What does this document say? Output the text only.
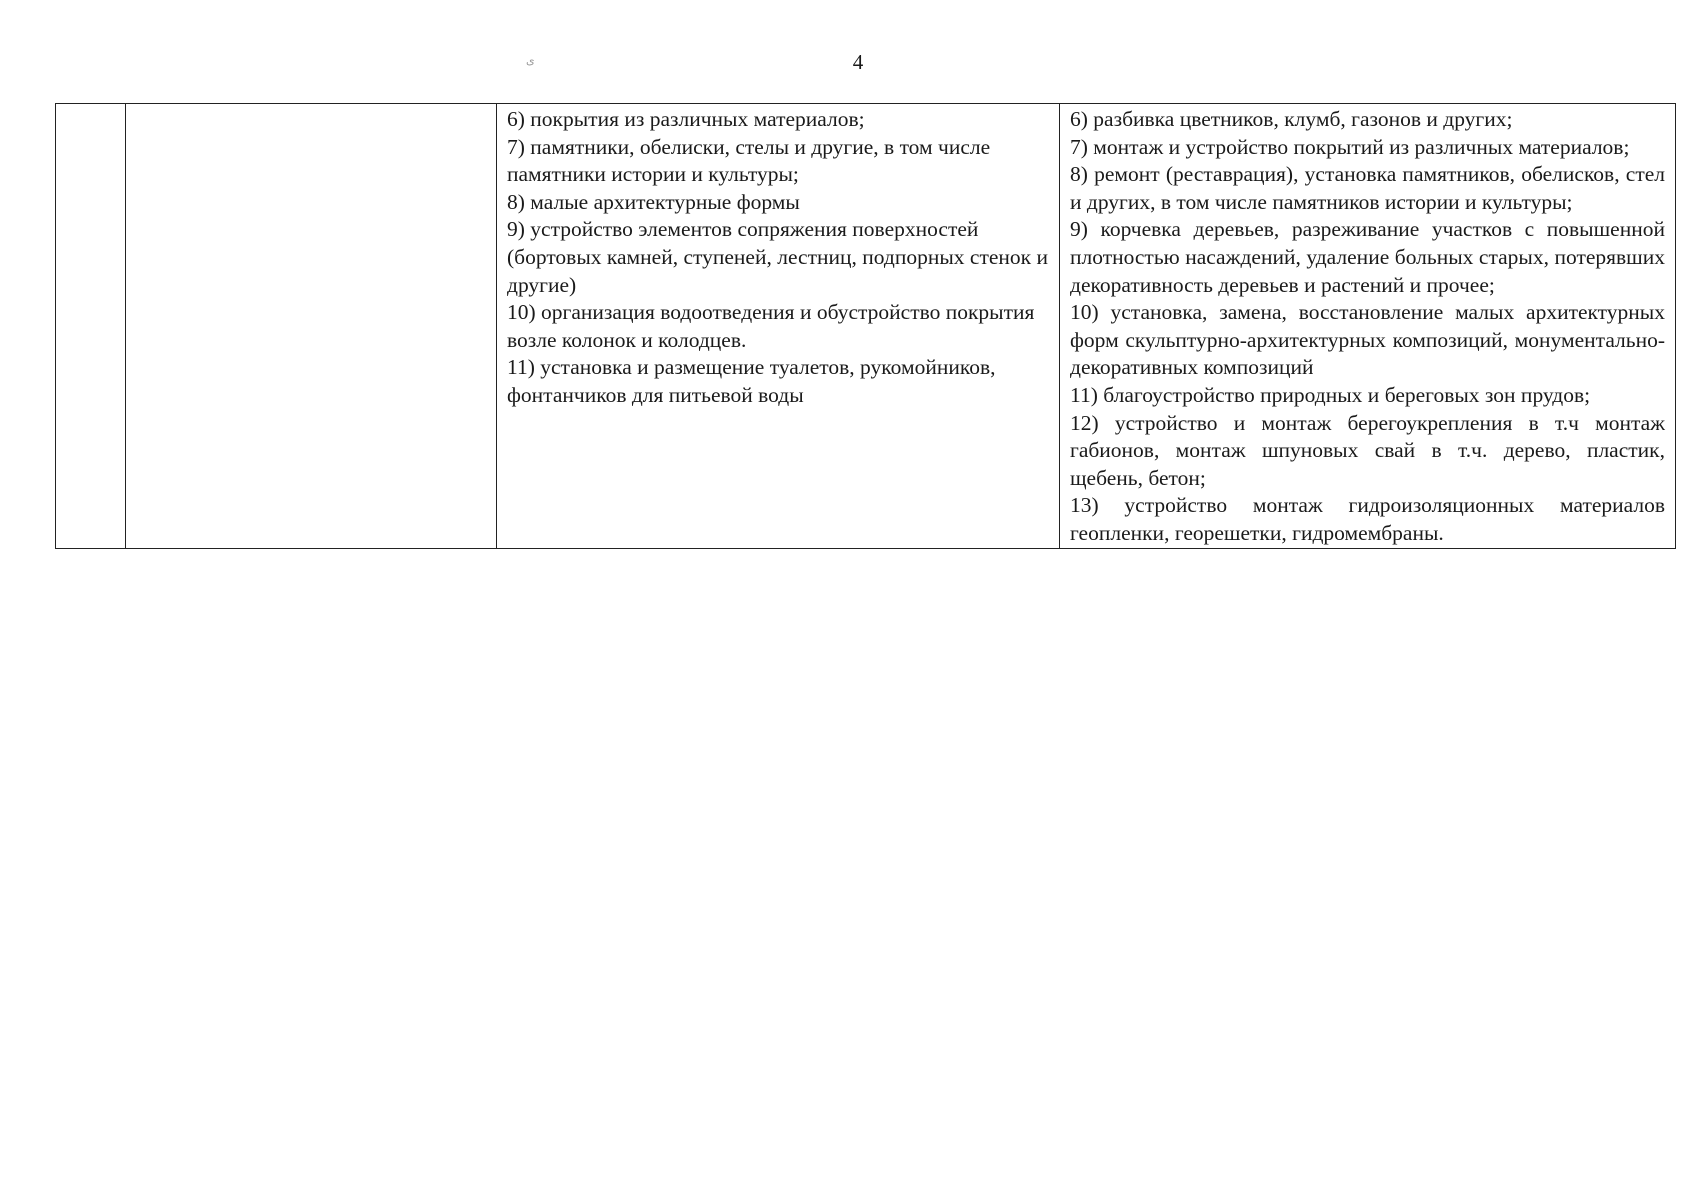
4
ﻯ

6) покрытия из различных материалов;
7) памятники, обелиски, стелы и другие, в том числе памятники истории и культуры;
8) малые архитектурные формы
9) устройство элементов сопряжения поверхностей (бортовых камней, ступеней, лестниц, подпорных стенок и другие)
10) организация водоотведения и обустройство покрытия возле колонок и колодцев.
11) установка и размещение туалетов, рукомойников, фонтанчиков для питьевой воды

6) разбивка цветников, клумб, газонов и других;
7) монтаж и устройство покрытий из различных материалов;
8) ремонт (реставрация), установка памятников, обелисков, стел и других, в том числе памятников истории и культуры;
9) корчевка деревьев, разреживание участков с повышенной плотностью насаждений, удаление больных старых, потерявших декоративность деревьев и растений и прочее;
10) установка, замена, восстановление малых архитектурных форм скульптурно-архитектурных композиций, монументально-декоративных композиций
11) благоустройство природных и береговых зон прудов;
12) устройство и монтаж берегоукрепления в т.ч монтаж габионов, монтаж шпуновых свай в т.ч. дерево, пластик, щебень, бетон;
13) устройство монтаж гидроизоляционных материалов геопленки, георешетки, гидромембраны.
